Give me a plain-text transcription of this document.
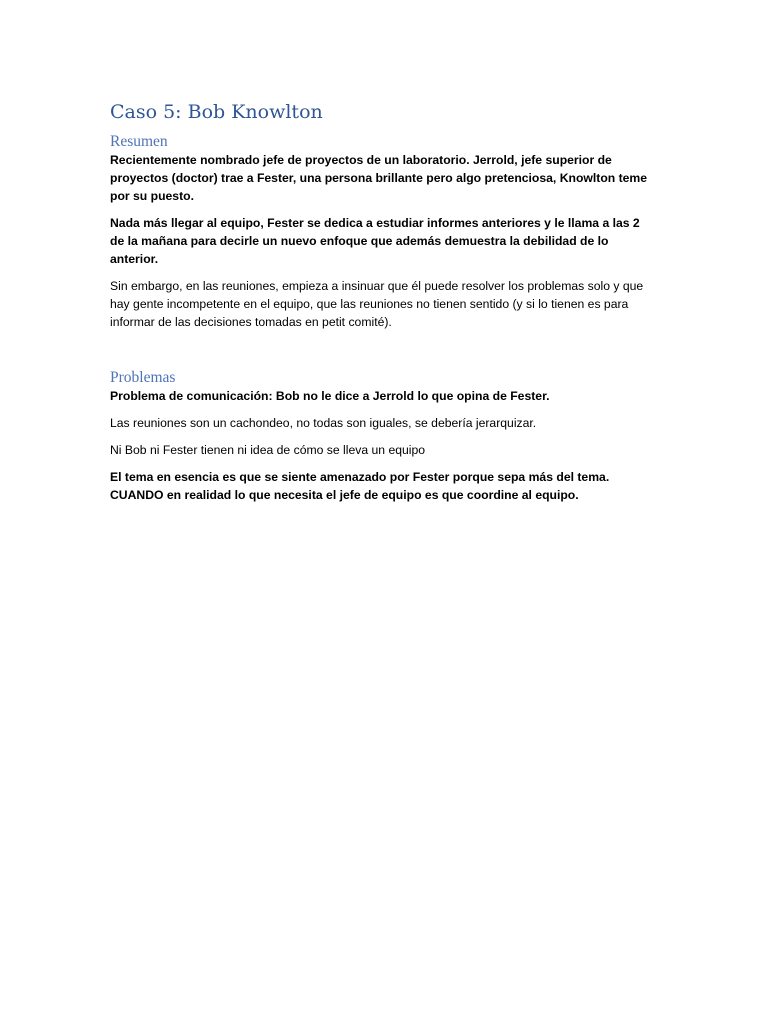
Caso 5: Bob Knowlton
Resumen

Recientemente nombrado jefe de proyectos de un laboratorio. Jerrold, jefe superior de proyectos (doctor) trae a Fester, una persona brillante pero algo pretenciosa, Knowlton teme por su puesto.

Nada más llegar al equipo, Fester se dedica a estudiar informes anteriores y le llama a las 2 de la mañana para decirle un nuevo enfoque que además demuestra la debilidad de lo anterior.

Sin embargo, en las reuniones, empieza a insinuar que él puede resolver los problemas solo y que hay gente incompetente en el equipo, que las reuniones no tienen sentido (y si lo tienen es para informar de las decisiones tomadas en petit comité).

Problemas

Problema de comunicación: Bob no le dice a Jerrold lo que opina de Fester.

Las reuniones son un cachondeo, no todas son iguales, se debería jerarquizar.

Ni Bob ni Fester tienen ni idea de cómo se lleva un equipo

El tema en esencia es que se siente amenazado por Fester porque sepa más del tema. CUANDO en realidad lo que necesita el jefe de equipo es que coordine al equipo.
